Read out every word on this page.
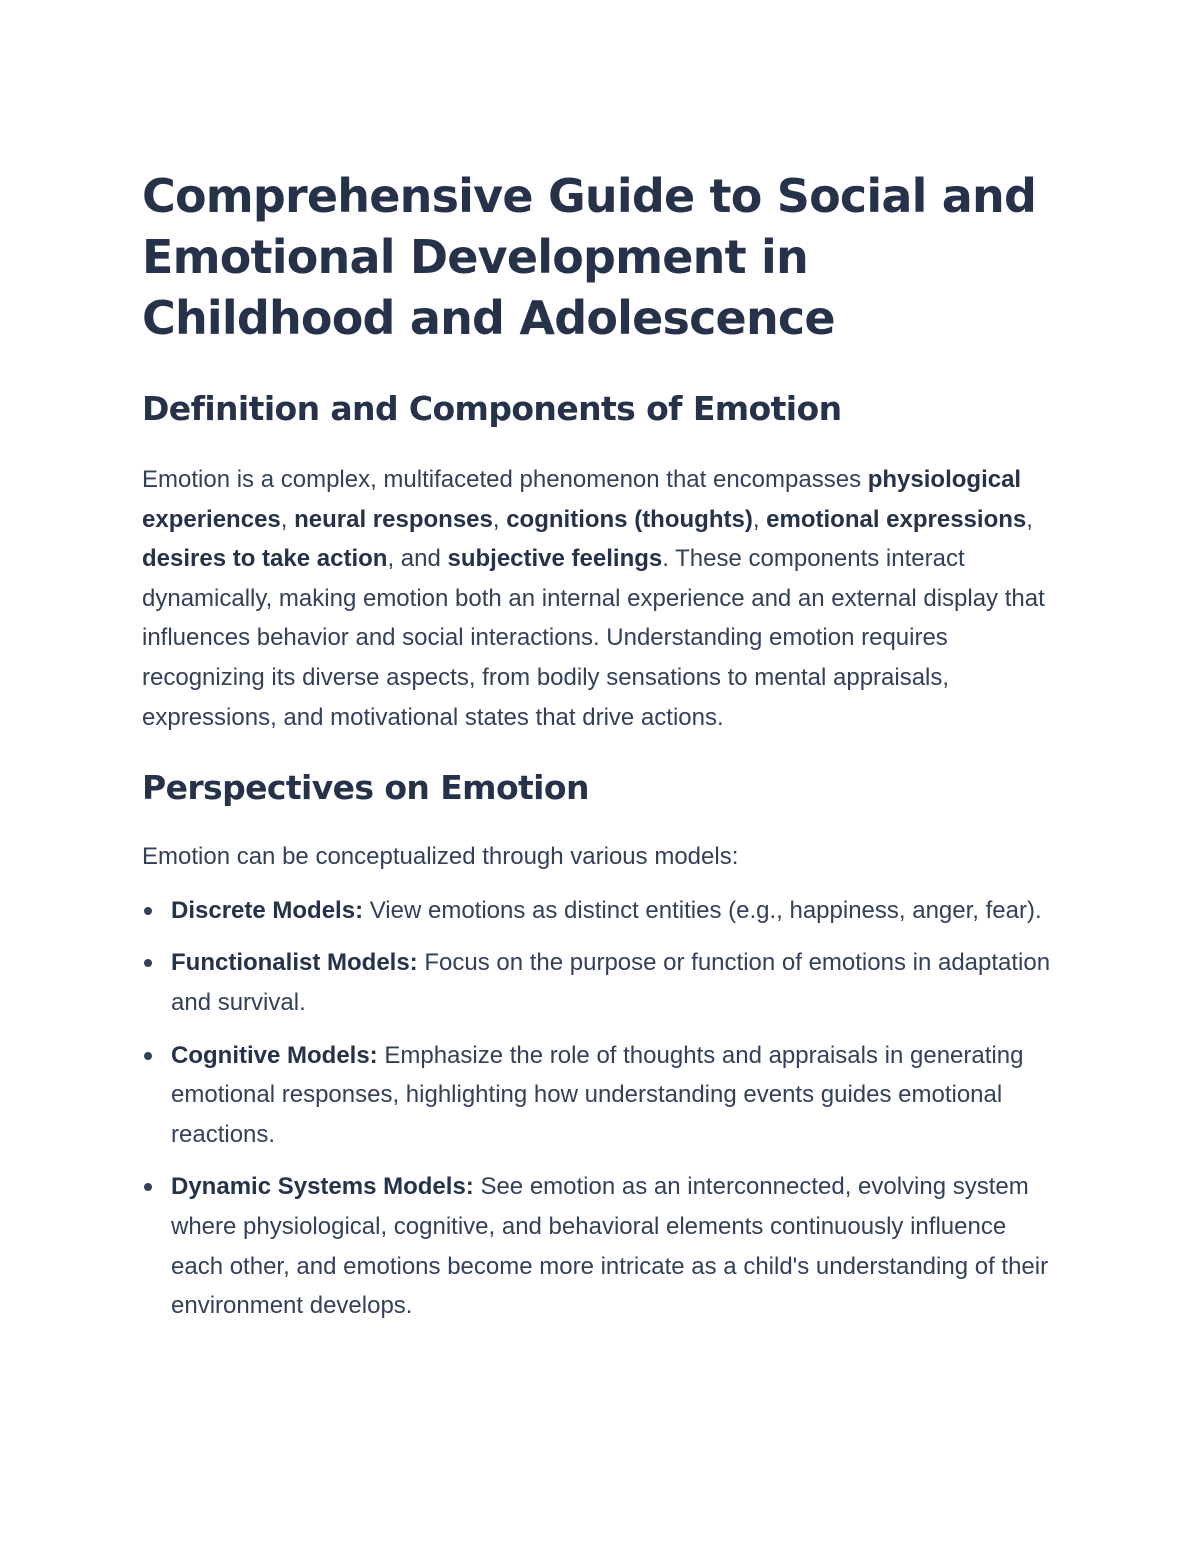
Comprehensive Guide to Social and Emotional Development in Childhood and Adolescence
Definition and Components of Emotion

Emotion is a complex, multifaceted phenomenon that encompasses physiological experiences, neural responses, cognitions (thoughts), emotional expressions, desires to take action, and subjective feelings. These components interact dynamically, making emotion both an internal experience and an external display that influences behavior and social interactions. Understanding emotion requires recognizing its diverse aspects, from bodily sensations to mental appraisals, expressions, and motivational states that drive actions.

Perspectives on Emotion

Emotion can be conceptualized through various models:

Discrete Models: View emotions as distinct entities (e.g., happiness, anger, fear).
Functionalist Models: Focus on the purpose or function of emotions in adaptation and survival.
Cognitive Models: Emphasize the role of thoughts and appraisals in generating emotional responses, highlighting how understanding events guides emotional reactions.
Dynamic Systems Models: See emotion as an interconnected, evolving system where physiological, cognitive, and behavioral elements continuously influence each other, and emotions become more intricate as a child's understanding of their environment develops.
